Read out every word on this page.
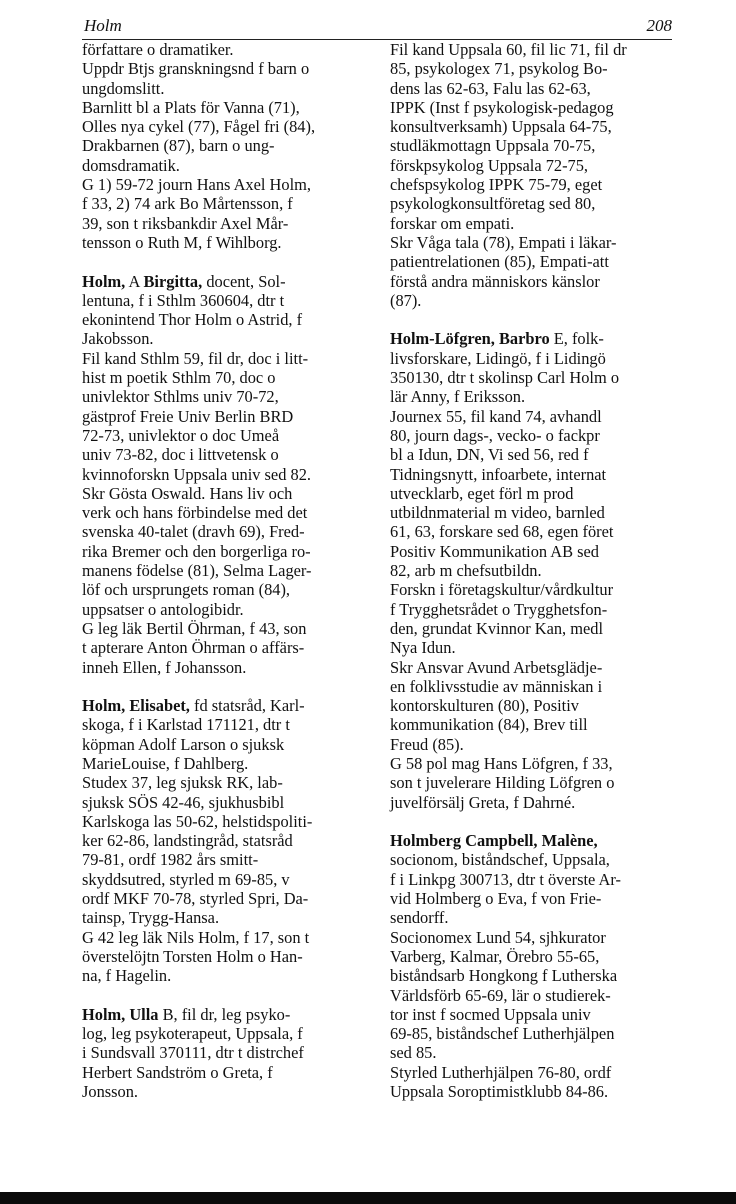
Holm	208
författare o dramatiker.
Uppdr Btjs granskningsnd f barn o
ungdomslitt.
Barnlitt bl a Plats för Vanna (71),
Olles nya cykel (77), Fågel fri (84),
Drakbarnen (87), barn o ung-
domsdramatik.
G 1) 59-72 journ Hans Axel Holm,
f 33, 2) 74 ark Bo Mårtensson, f
39, son t riksbankdir Axel Mår-
tensson o Ruth M, f Wihlborg.
Holm, A Birgitta, docent, Sol-
lentuna, f i Sthlm 360604, dtr t
ekonintend Thor Holm o Astrid, f
Jakobsson.
Fil kand Sthlm 59, fil dr, doc i litt-
hist m poetik Sthlm 70, doc o
univlektor Sthlms univ 70-72,
gästprof Freie Univ Berlin BRD
72-73, univlektor o doc Umeå
univ 73-82, doc i littvetensk o
kvinnoforskn Uppsala univ sed 82.
Skr Gösta Oswald. Hans liv och
verk och hans förbindelse med det
svenska 40-talet (dravh 69), Fred-
rika Bremer och den borgerliga ro-
manens födelse (81), Selma Lager-
löf och ursprungets roman (84),
uppsatser o antologibidr.
G leg läk Bertil Öhrman, f 43, son
t apterare Anton Öhrman o affärs-
inneh Ellen, f Johansson.
Holm, Elisabet, fd statsråd, Karl-
skoga, f i Karlstad 171121, dtr t
köpman Adolf Larson o sjuksk
MarieLouise, f Dahlberg.
Studex 37, leg sjuksk RK, lab-
sjuksk SÖS 42-46, sjukhusbibl
Karlskoga las 50-62, helstidspoliti-
ker 62-86, landstingråd, statsråd
79-81, ordf 1982 års smitt-
skyddsutred, styrled m 69-85, v
ordf MKF 70-78, styrled Spri, Da-
tainsp, Trygg-Hansa.
G 42 leg läk Nils Holm, f 17, son t
överstelöjtn Torsten Holm o Han-
na, f Hagelin.
Holm, Ulla B, fil dr, leg psyko-
log, leg psykoterapeut, Uppsala, f
i Sundsvall 370111, dtr t distrchef
Herbert Sandström o Greta, f
Jonsson.
Fil kand Uppsala 60, fil lic 71, fil dr
85, psykologex 71, psykolog Bo-
dens las 62-63, Falu las 62-63,
IPPK (Inst f psykologisk-pedagog
konsultverksamh) Uppsala 64-75,
studläkmottagn Uppsala 70-75,
förskpsykolog Uppsala 72-75,
chefspsykolog IPPK 75-79, eget
psykologkonsultföretag sed 80,
forskar om empati.
Skr Våga tala (78), Empati i läkar-
patientrelationen (85), Empati-att
förstå andra människors känslor
(87).
Holm-Löfgren, Barbro E, folk-
livsforskare, Lidingö, f i Lidingö
350130, dtr t skolinsp Carl Holm o
lär Anny, f Eriksson.
Journex 55, fil kand 74, avhandl
80, journ dags-, vecko- o fackpr
bl a Idun, DN, Vi sed 56, red f
Tidningsnytt, infoarbete, internat
utvecklarb, eget förl m prod
utbildnmaterial m video, barnled
61, 63, forskare sed 68, egen föret
Positiv Kommunikation AB sed
82, arb m chefsutbildn.
Forskn i företagskultur/vårdkultur
f Trygghetsrådet o Trygghetsfon-
den, grundat Kvinnor Kan, medl
Nya Idun.
Skr Ansvar Avund Arbetsglädje-
en folklivsstudie av människan i
kontorskulturen (80), Positiv
kommunikation (84), Brev till
Freud (85).
G 58 pol mag Hans Löfgren, f 33,
son t juvelerare Hilding Löfgren o
juvelförsälj Greta, f Dahrné.
Holmberg Campbell, Malène,
socionom, biståndschef, Uppsala,
f i Linkpg 300713, dtr t överste Ar-
vid Holmberg o Eva, f von Frie-
sendorff.
Socionomex Lund 54, sjhkurator
Varberg, Kalmar, Örebro 55-65,
biståndsarb Hongkong f Lutherska
Världsförb 65-69, lär o studierek-
tor inst f socmed Uppsala univ
69-85, biståndschef Lutherhjälpen
sed 85.
Styrled Lutherhjälpen 76-80, ordf
Uppsala Soroptimistklubb 84-86.
